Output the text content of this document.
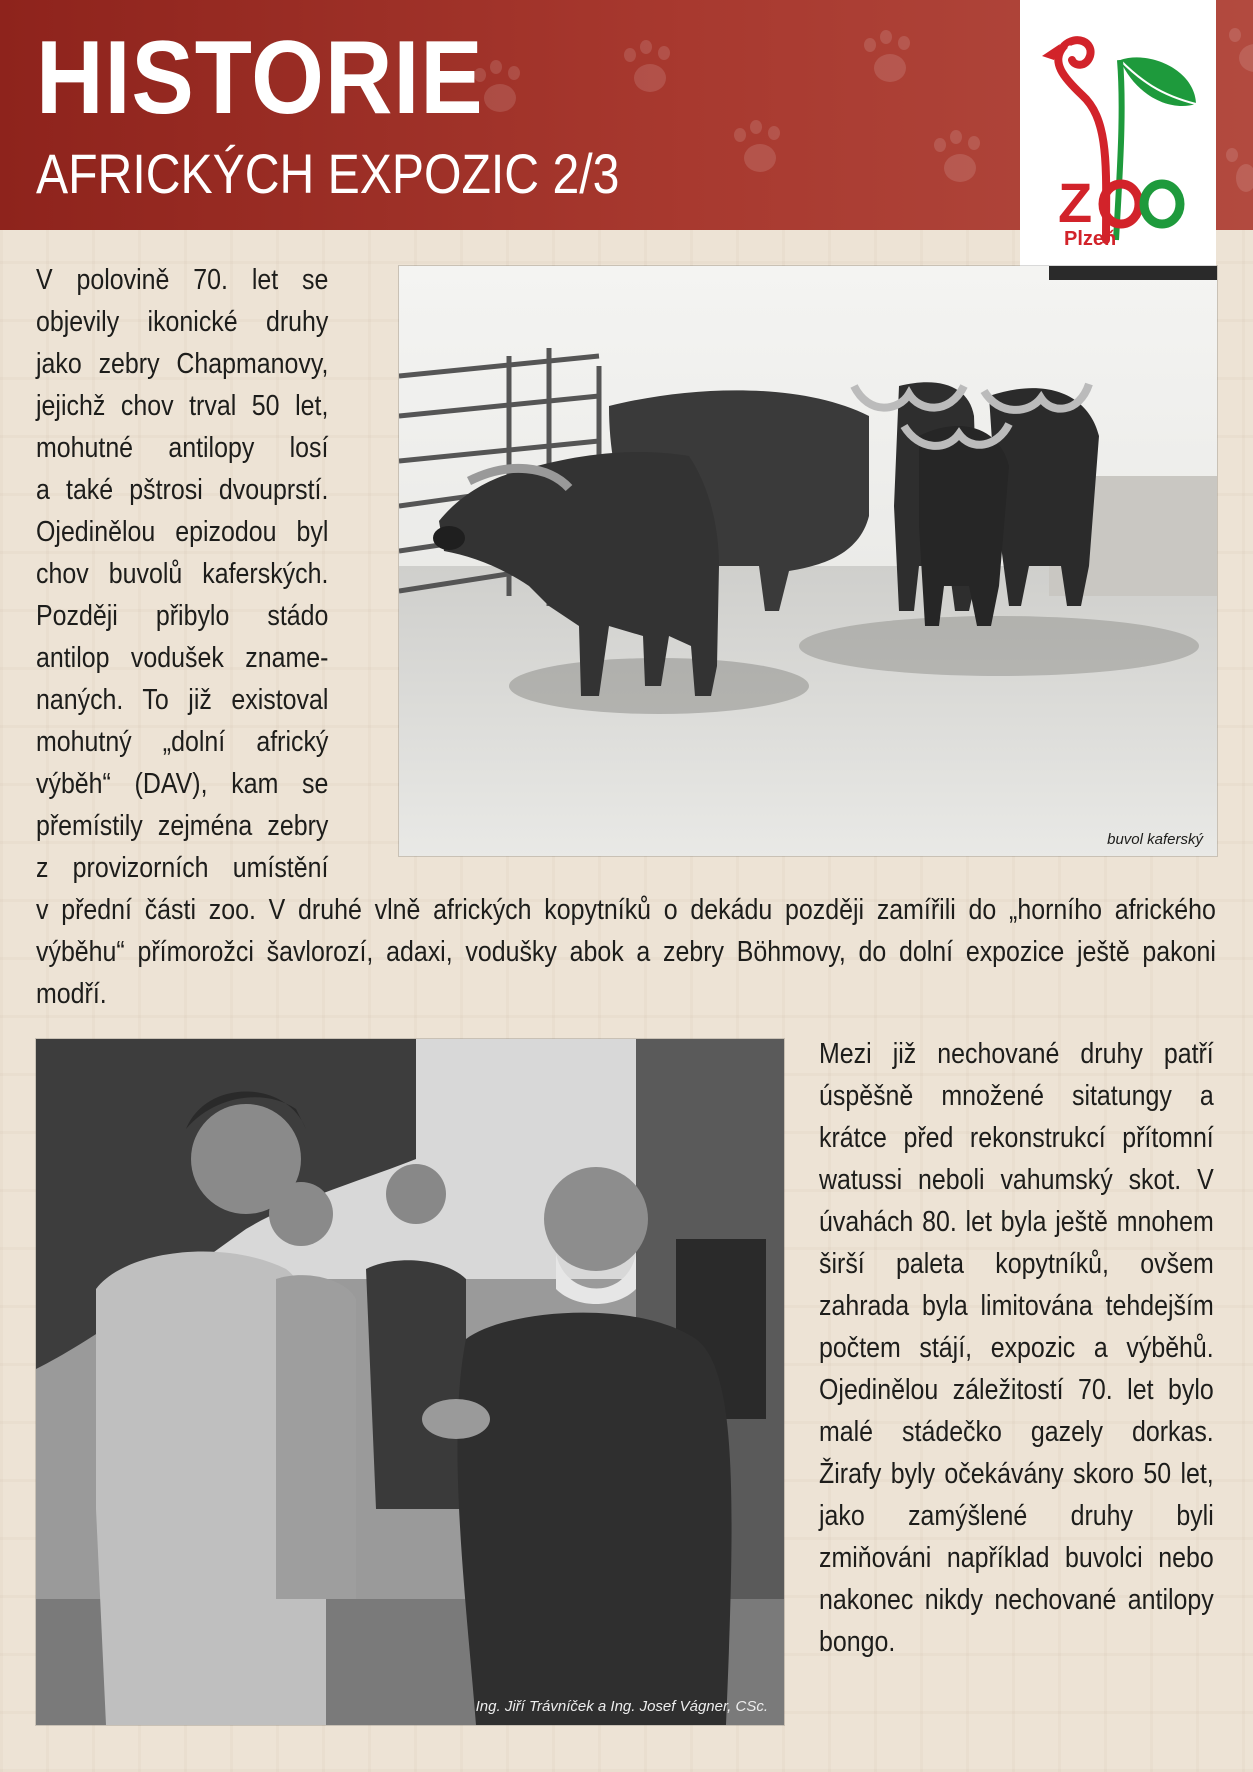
HISTORIE
AFRICKÝCH EXPOZIC 2/3	Z
Plzeň
V polovině 70. let se
objevily ikonické druhy
jako zebry Chapmanovy,
jejichž chov trval 50 let,
mohutné antilopy losí
a také pštrosi dvouprstí.
Ojedinělou epizodou byl
chov buvolů kaferských.
Později přibylo stádo
antilop vodušek zname-
naných. To již existoval
mohutný „dolní africký
výběh“ (DAV), kam se
přemístily zejména zebry
z provizorních umístění
buvol kaferský

v přední části zoo. V druhé vlně afrických kopytníků o dekádu později zamířili do „horního afrického výběhu“ přímorožci šavlorozí, adaxi, vodušky abok a zebry Böhmovy, do dolní expozice ještě pakoni modří.

Ing. Jiří Trávníček a Ing. Josef Vágner, CSc.

Mezi již nechované druhy patří úspěšně množené sitatungy a krátce před rekonstrukcí přítomní watussi neboli vahumský skot. V úvahách 80. let byla ještě mnohem širší paleta kopytníků, ovšem zahrada byla limitována tehdejším počtem stájí, expozic a výběhů. Ojedinělou záležitostí 70. let bylo malé stádečko gazely dorkas. Žirafy byly očekávány skoro 50 let, jako zamýšlené druhy byli zmiňováni například buvolci nebo nakonec nikdy nechované antilopy bongo.
